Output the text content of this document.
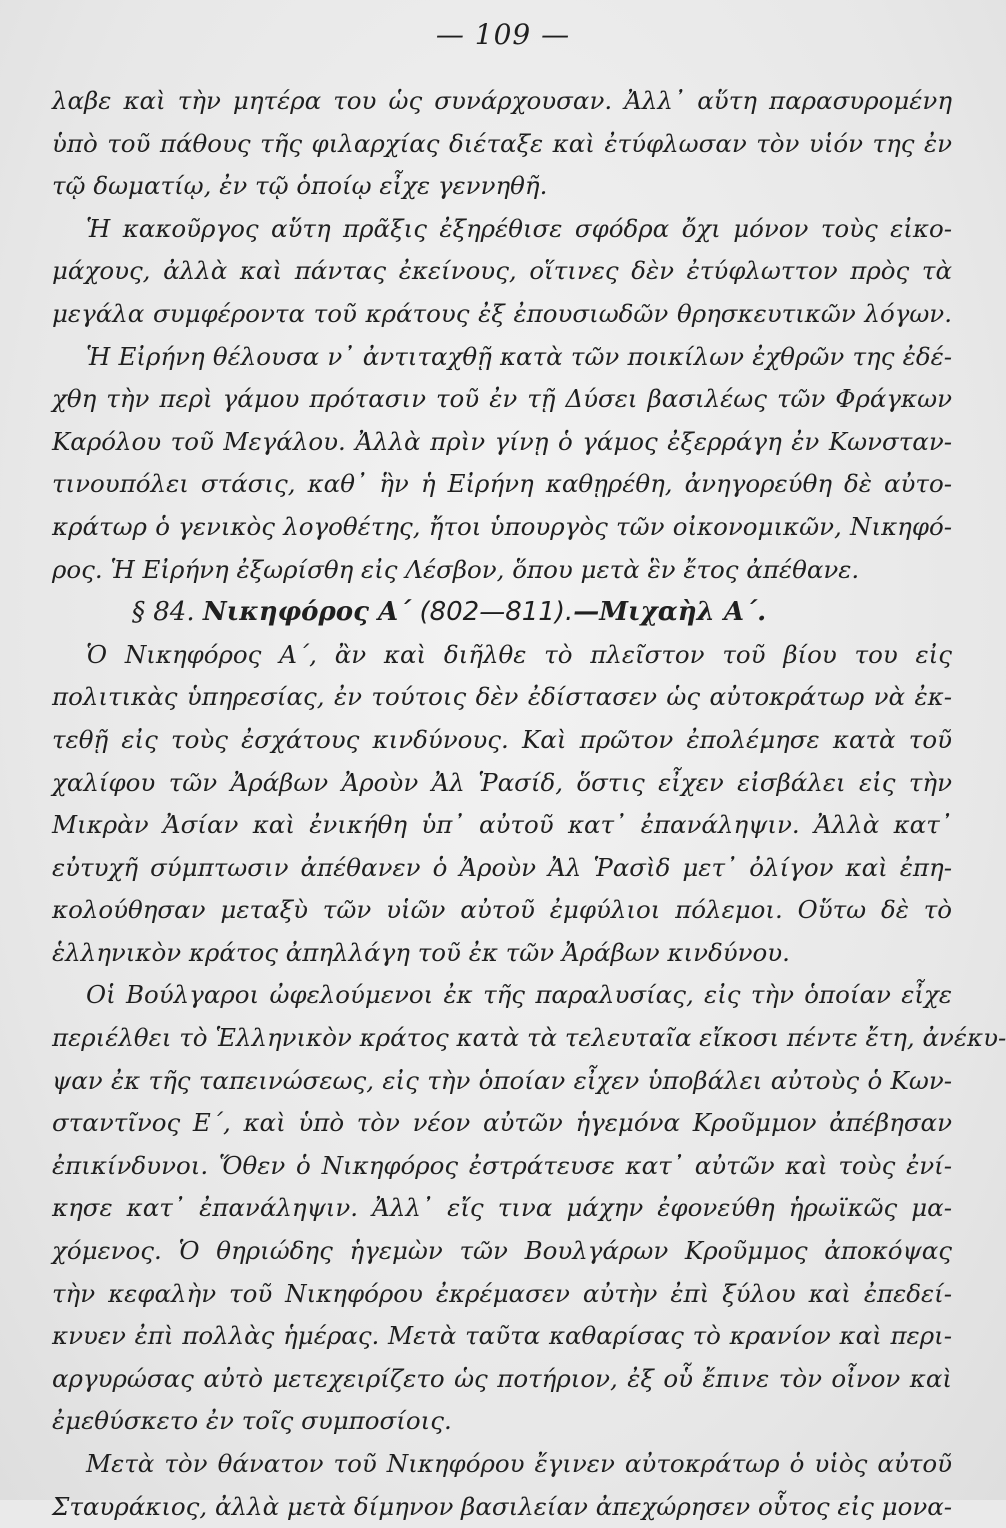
— 109 —
λαβε καὶ τὴν μητέρα του ὡς συνάρχουσαν. Ἀλλ᾽ αὕτη παρασυρομένη
ὑπὸ τοῦ πάθους τῆς φιλαρχίας διέταξε καὶ ἐτύφλωσαν τὸν υἱόν της ἐν
τῷ δωματίῳ, ἐν τῷ ὁποίῳ εἶχε γεννηθῆ.
Ἡ κακοῦργος αὕτη πρᾶξις ἐξηρέθισε σφόδρα ὄχι μόνον τοὺς εἰκο-
μάχους, ἀλλὰ καὶ πάντας ἐκείνους, οἵτινες δὲν ἐτύφλωττον πρὸς τὰ
μεγάλα συμφέροντα τοῦ κράτους ἐξ ἐπουσιωδῶν θρησκευτικῶν λόγων.
Ἡ Εἰρήνη θέλουσα ν᾽ ἀντιταχθῇ κατὰ τῶν ποικίλων ἐχθρῶν της ἐδέ-
χθη τὴν περὶ γάμου πρότασιν τοῦ ἐν τῇ Δύσει βασιλέως τῶν Φράγκων
Καρόλου τοῦ Μεγάλου. Ἀλλὰ πρὶν γίνῃ ὁ γάμος ἐξερράγη ἐν Κωνσταν-
τινουπόλει στάσις, καθ᾽ ἣν ἡ Εἰρήνη καθῃρέθη, ἀνηγορεύθη δὲ αὐτο-
κράτωρ ὁ γενικὸς λογοθέτης, ἤτοι ὑπουργὸς τῶν οἰκονομικῶν, Νικηφό-
ρος. Ἡ Εἰρήνη ἐξωρίσθη εἰς Λέσβον, ὅπου μετὰ ἓν ἔτος ἀπέθανε.
§ 84. Νικηφόρος Α΄ (802—811).—Μιχαὴλ Α΄.
Ὁ Νικηφόρος Α΄, ἂν καὶ διῆλθε τὸ πλεῖστον τοῦ βίου του εἰς
πολιτικὰς ὑπηρεσίας, ἐν τούτοις δὲν ἐδίστασεν ὡς αὐτοκράτωρ νὰ ἐκ-
τεθῇ εἰς τοὺς ἐσχάτους κινδύνους. Καὶ πρῶτον ἐπολέμησε κατὰ τοῦ
χαλίφου τῶν Ἀράβων Ἀροὺν Ἀλ Ῥασίδ, ὅστις εἶχεν εἰσβάλει εἰς τὴν
Μικρὰν Ἀσίαν καὶ ἐνικήθη ὑπ᾽ αὐτοῦ κατ᾽ ἐπανάληψιν. Ἀλλὰ κατ᾽
εὐτυχῆ σύμπτωσιν ἀπέθανεν ὁ Ἀροὺν Ἀλ Ῥασὶδ μετ᾽ ὀλίγον καὶ ἐπη-
κολούθησαν μεταξὺ τῶν υἱῶν αὐτοῦ ἐμφύλιοι πόλεμοι. Οὕτω δὲ τὸ
ἑλληνικὸν κράτος ἀπηλλάγη τοῦ ἐκ τῶν Ἀράβων κινδύνου.
Οἱ Βούλγαροι ὠφελούμενοι ἐκ τῆς παραλυσίας, εἰς τὴν ὁποίαν εἶχε
περιέλθει τὸ Ἑλληνικὸν κράτος κατὰ τὰ τελευταῖα εἴκοσι πέντε ἔτη, ἀνέκυ-
ψαν ἐκ τῆς ταπεινώσεως, εἰς τὴν ὁποίαν εἶχεν ὑποβάλει αὐτοὺς ὁ Κων-
σταντῖνος Ε΄, καὶ ὑπὸ τὸν νέον αὐτῶν ἡγεμόνα Κροῦμμον ἀπέβησαν
ἐπικίνδυνοι. Ὅθεν ὁ Νικηφόρος ἐστράτευσε κατ᾽ αὐτῶν καὶ τοὺς ἐνί-
κησε κατ᾽ ἐπανάληψιν. Ἀλλ᾽ εἴς τινα μάχην ἐφονεύθη ἡρωϊκῶς μα-
χόμενος. Ὁ θηριώδης ἡγεμὼν τῶν Βουλγάρων Κροῦμμος ἀποκόψας
τὴν κεφαλὴν τοῦ Νικηφόρου ἐκρέμασεν αὐτὴν ἐπὶ ξύλου καὶ ἐπεδεί-
κνυεν ἐπὶ πολλὰς ἡμέρας. Μετὰ ταῦτα καθαρίσας τὸ κρανίον καὶ περι-
αργυρώσας αὐτὸ μετεχειρίζετο ὡς ποτήριον, ἐξ οὗ ἔπινε τὸν οἶνον καὶ
ἐμεθύσκετο ἐν τοῖς συμποσίοις.
Μετὰ τὸν θάνατον τοῦ Νικηφόρου ἔγινεν αὐτοκράτωρ ὁ υἱὸς αὐτοῦ
Σταυράκιος, ἀλλὰ μετὰ δίμηνον βασιλείαν ἀπεχώρησεν οὗτος εἰς μονα-
